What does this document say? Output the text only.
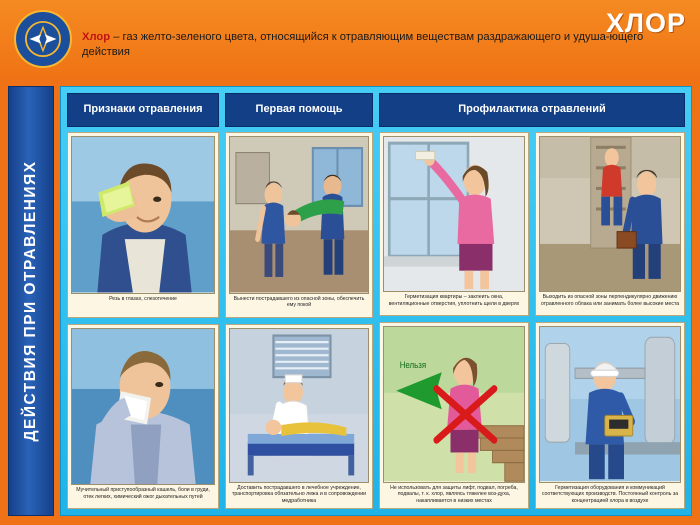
ХЛОР
Хлор – газ желто-зеленого цвета, относящийся к отравляющим веществам раздражающего и удуша-ющего действия
ДЕЙСТВИЯ ПРИ ОТРАВЛЕНИЯХ
Признаки отравления
Резь в глазах, слезотечение
Мучительный приступообразный кашель, боли в груди, отек легких, химический ожог дыхательных путей
Первая помощь
Вынести пострадавшего из опасной зоны, обеспечить ему покой
Доставить пострадавшего в лечебное учреждение, транспортировка обязательно лежа и в сопровождении медработника
Профилактика отравлений
Герметизация квартиры – заклеить окна, вентиляционные отверстия, уплотнить щели в дверях
Выходить из опасной зоны перпендикулярно движению отравленного облака или занимать более высокие места
Нельзя
Не использовать для защиты лифт, подвал, погреба, подвалы, т. к. хлор, являясь тяжелее воз-духа, накапливается в низких местах
Герметизация оборудования и коммуникаций соответствующих производств. Постоянный контроль за концентрацией хлора в воздухе
